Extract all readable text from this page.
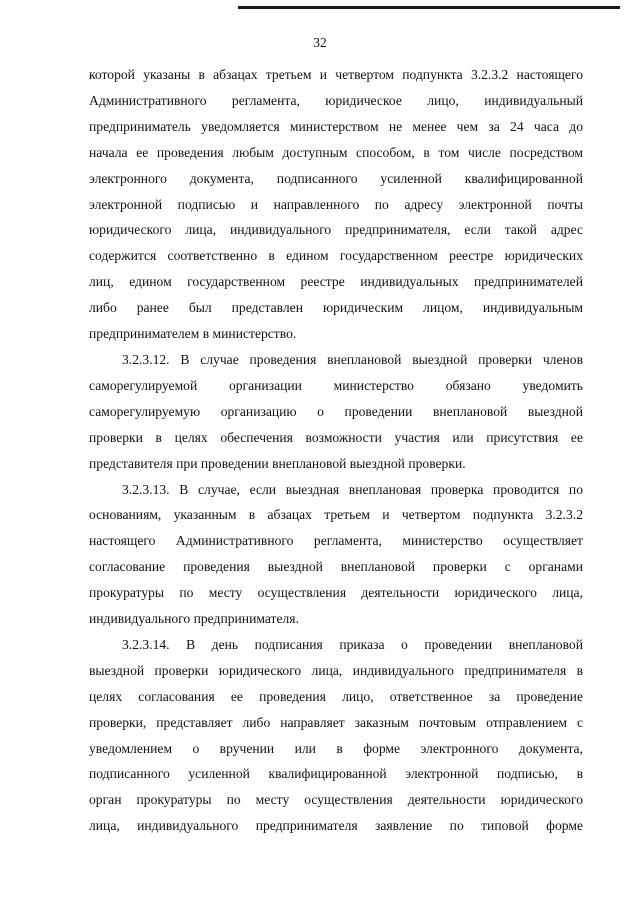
32
которой указаны в абзацах третьем и четвертом подпункта 3.2.3.2 настоящего
Административного регламента, юридическое лицо, индивидуальный
предприниматель уведомляется министерством не менее чем за 24 часа до
начала ее проведения любым доступным способом, в том числе посредством
электронного документа, подписанного усиленной квалифицированной
электронной подписью и направленного по адресу электронной почты
юридического лица, индивидуального предпринимателя, если такой адрес
содержится соответственно в едином государственном реестре юридических
лиц, едином государственном реестре индивидуальных предпринимателей
либо ранее был представлен юридическим лицом, индивидуальным
предпринимателем в министерство.
3.2.3.12. В случае проведения внеплановой выездной проверки членов
саморегулируемой организации министерство обязано уведомить
саморегулируемую организацию о проведении внеплановой выездной
проверки в целях обеспечения возможности участия или присутствия ее
представителя при проведении внеплановой выездной проверки.
3.2.3.13. В случае, если выездная внеплановая проверка проводится по
основаниям, указанным в абзацах третьем и четвертом подпункта 3.2.3.2
настоящего Административного регламента, министерство осуществляет
согласование проведения выездной внеплановой проверки с органами
прокуратуры по месту осуществления деятельности юридического лица,
индивидуального предпринимателя.
3.2.3.14. В день подписания приказа о проведении внеплановой
выездной проверки юридического лица, индивидуального предпринимателя в
целях согласования ее проведения лицо, ответственное за проведение
проверки, представляет либо направляет заказным почтовым отправлением с
уведомлением о вручении или в форме электронного документа,
подписанного усиленной квалифицированной электронной подписью, в
орган прокуратуры по месту осуществления деятельности юридического
лица, индивидуального предпринимателя заявление по типовой форме
